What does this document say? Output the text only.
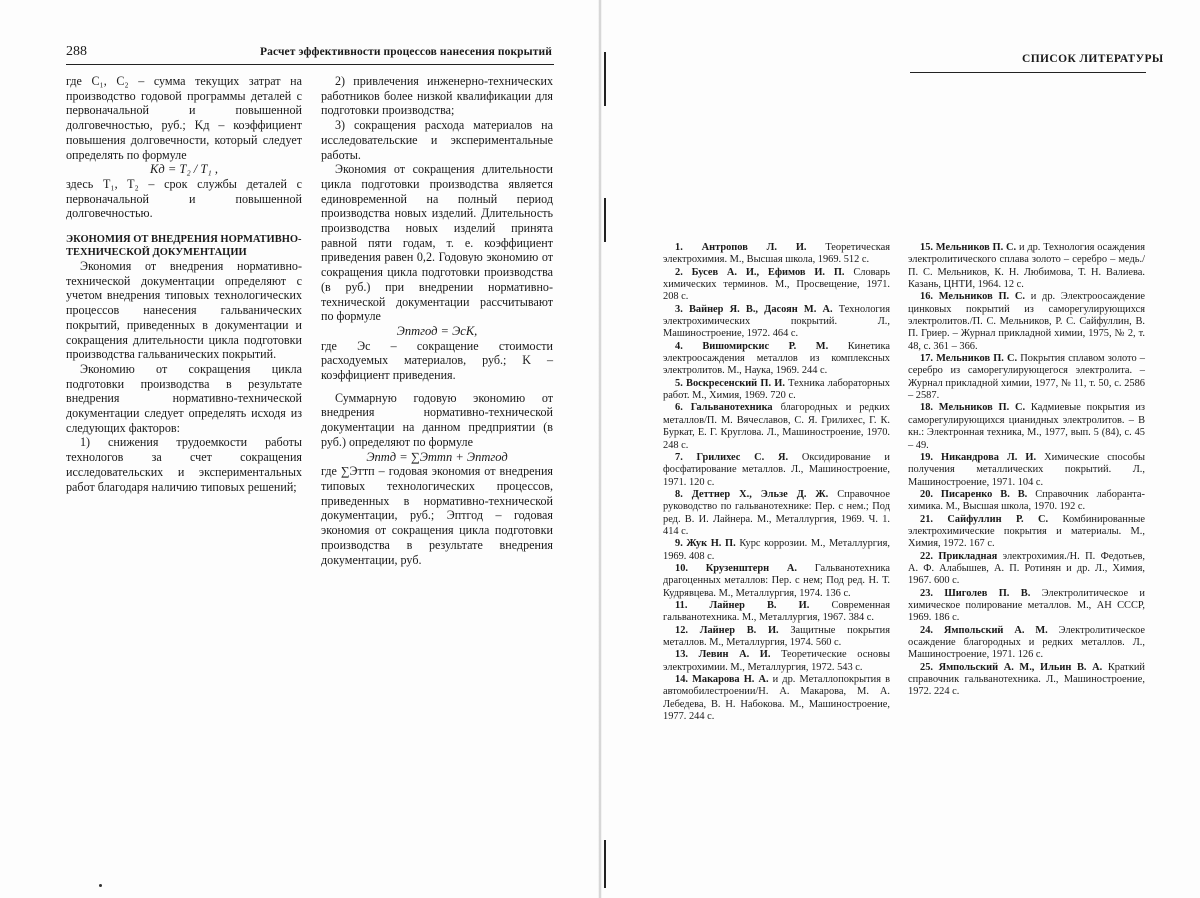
288	Расчет эффективности процессов нанесения покрытий

где C₁, C₂ – сумма текущих затрат на производство годовой программы деталей с первоначальной и повышенной долговечностью, руб.; Kд – коэффициент повышения долговечности, который следует определять по формуле

Kд = T₂ / T₁ ,

здесь T₁, T₂ – срок службы деталей с первоначальной и повышенной долговечностью.

ЭКОНОМИЯ ОТ ВНЕДРЕНИЯ НОРМАТИВНО-ТЕХНИЧЕСКОЙ ДОКУМЕНТАЦИИ

Экономия от внедрения нормативно-технической документации определяют с учетом внедрения типовых технологических процессов нанесения гальванических покрытий, приведенных в документации и сокращения длительности цикла подготовки производства гальванических покрытий.

Экономию от сокращения цикла подготовки производства в результате внедрения нормативно-технической документации следует определять исходя из следующих факторов:

1) снижения трудоемкости работы технологов за счет сокращения исследовательских и экспериментальных работ благодаря наличию типовых решений;

2) привлечения инженерно-технических работников более низкой квалификации для подготовки производства;

3) сокращения расхода материалов на исследовательские и экспериментальные работы.

Экономия от сокращения длительности цикла подготовки производства является единовременной на полный период производства новых изделий. Длительность производства новых изделий принята равной пяти годам, т. е. коэффициент приведения равен 0,2. Годовую экономию от сокращения цикла подготовки производства (в руб.) при внедрении нормативно-технической документации рассчитывают по формуле

Эптгод = ЭсK,

где Эс – сокращение стоимости расходуемых материалов, руб.; K – коэффициент приведения.

Суммарную годовую экономию от внедрения нормативно-технической документации на данном предприятии (в руб.) определяют по формуле

Эптд = ∑Эттп + Эптгод

где ∑Эттп – годовая экономия от внедрения типовых технологических процессов, приведенных в нормативно-технической документации, руб.; Эптгод – годовая экономия от сокращения цикла подготовки производства в результате внедрения документации, руб.

СПИСОК ЛИТЕРАТУРЫ

1. Антропов Л. И. Теоретическая электрохимия. М., Высшая школа, 1969. 512 с.

2. Бусев А. И., Ефимов И. П. Словарь химических терминов. М., Просвещение, 1971. 208 с.

3. Вайнер Я. В., Дасоян М. А. Технология электрохимических покрытий. Л., Машиностроение, 1972. 464 с.

4. Вишомирскис Р. М. Кинетика электроосаждения металлов из комплексных электролитов. М., Наука, 1969. 244 с.

5. Воскресенский П. И. Техника лабораторных работ. М., Химия, 1969. 720 с.

6. Гальванотехника благородных и редких металлов/П. М. Вячеславов, С. Я. Грилихес, Г. К. Буркат, Е. Г. Круглова. Л., Машиностроение, 1970. 248 с.

7. Грилихес С. Я. Оксидирование и фосфатирование металлов. Л., Машиностроение, 1971. 120 с.

8. Деттнер Х., Эльзе Д. Ж. Справочное руководство по гальванотехнике: Пер. с нем.; Под ред. В. И. Лайнера. М., Металлургия, 1969. Ч. 1. 414 с.

9. Жук Н. П. Курс коррозии. М., Металлургия, 1969. 408 с.

10. Крузенштерн А. Гальванотехника драгоценных металлов: Пер. с нем; Под ред. Н. Т. Кудрявцева. М., Металлургия, 1974. 136 с.

11. Лайнер В. И. Современная гальванотехника. М., Металлургия, 1967. 384 с.

12. Лайнер В. И. Защитные покрытия металлов. М., Металлургия, 1974. 560 с.

13. Левин А. И. Теоретические основы электрохимии. М., Металлургия, 1972. 543 с.

14. Макарова Н. А. и др. Металлопокрытия в автомобилестроении/Н. А. Макарова, М. А. Лебедева, В. Н. Набокова. М., Машиностроение, 1977. 244 с.

15. Мельников П. С. и др. Технология осаждения электролитического сплава золото – серебро – медь./П. С. Мельников, К. Н. Любимова, Т. Н. Валиева. Казань, ЦНТИ, 1964. 12 с.

16. Мельников П. С. и др. Электроосаждение цинковых покрытий из саморегулирующихся электролитов./П. С. Мельников, Р. С. Сайфуллин, В. П. Гриер. – Журнал прикладной химии, 1975, № 2, т. 48, с. 361 – 366.

17. Мельников П. С. Покрытия сплавом золото – серебро из саморегулирующегося электролита. – Журнал прикладной химии, 1977, № 11, т. 50, с. 2586 – 2587.

18. Мельников П. С. Кадмиевые покрытия из саморегулирующихся цианидных электролитов. – В кн.: Электронная техника, М., 1977, вып. 5 (84), с. 45 – 49.

19. Никандрова Л. И. Химические способы получения металлических покрытий. Л., Машиностроение, 1971. 104 с.

20. Писаренко В. В. Справочник лаборанта-химика. М., Высшая школа, 1970. 192 с.

21. Сайфуллин Р. С. Комбинированные электрохимические покрытия и материалы. М., Химия, 1972. 167 с.

22. Прикладная электрохимия./Н. П. Федотьев, А. Ф. Алабышев, А. П. Ротинян и др. Л., Химия, 1967. 600 с.

23. Шиголев П. В. Электролитическое и химическое полирование металлов. М., АН СССР, 1969. 186 с.

24. Ямпольский А. М. Электролитическое осаждение благородных и редких металлов. Л., Машиностроение, 1971. 126 с.

25. Ямпольский А. М., Ильин В. А. Краткий справочник гальванотехника. Л., Машиностроение, 1972. 224 с.
